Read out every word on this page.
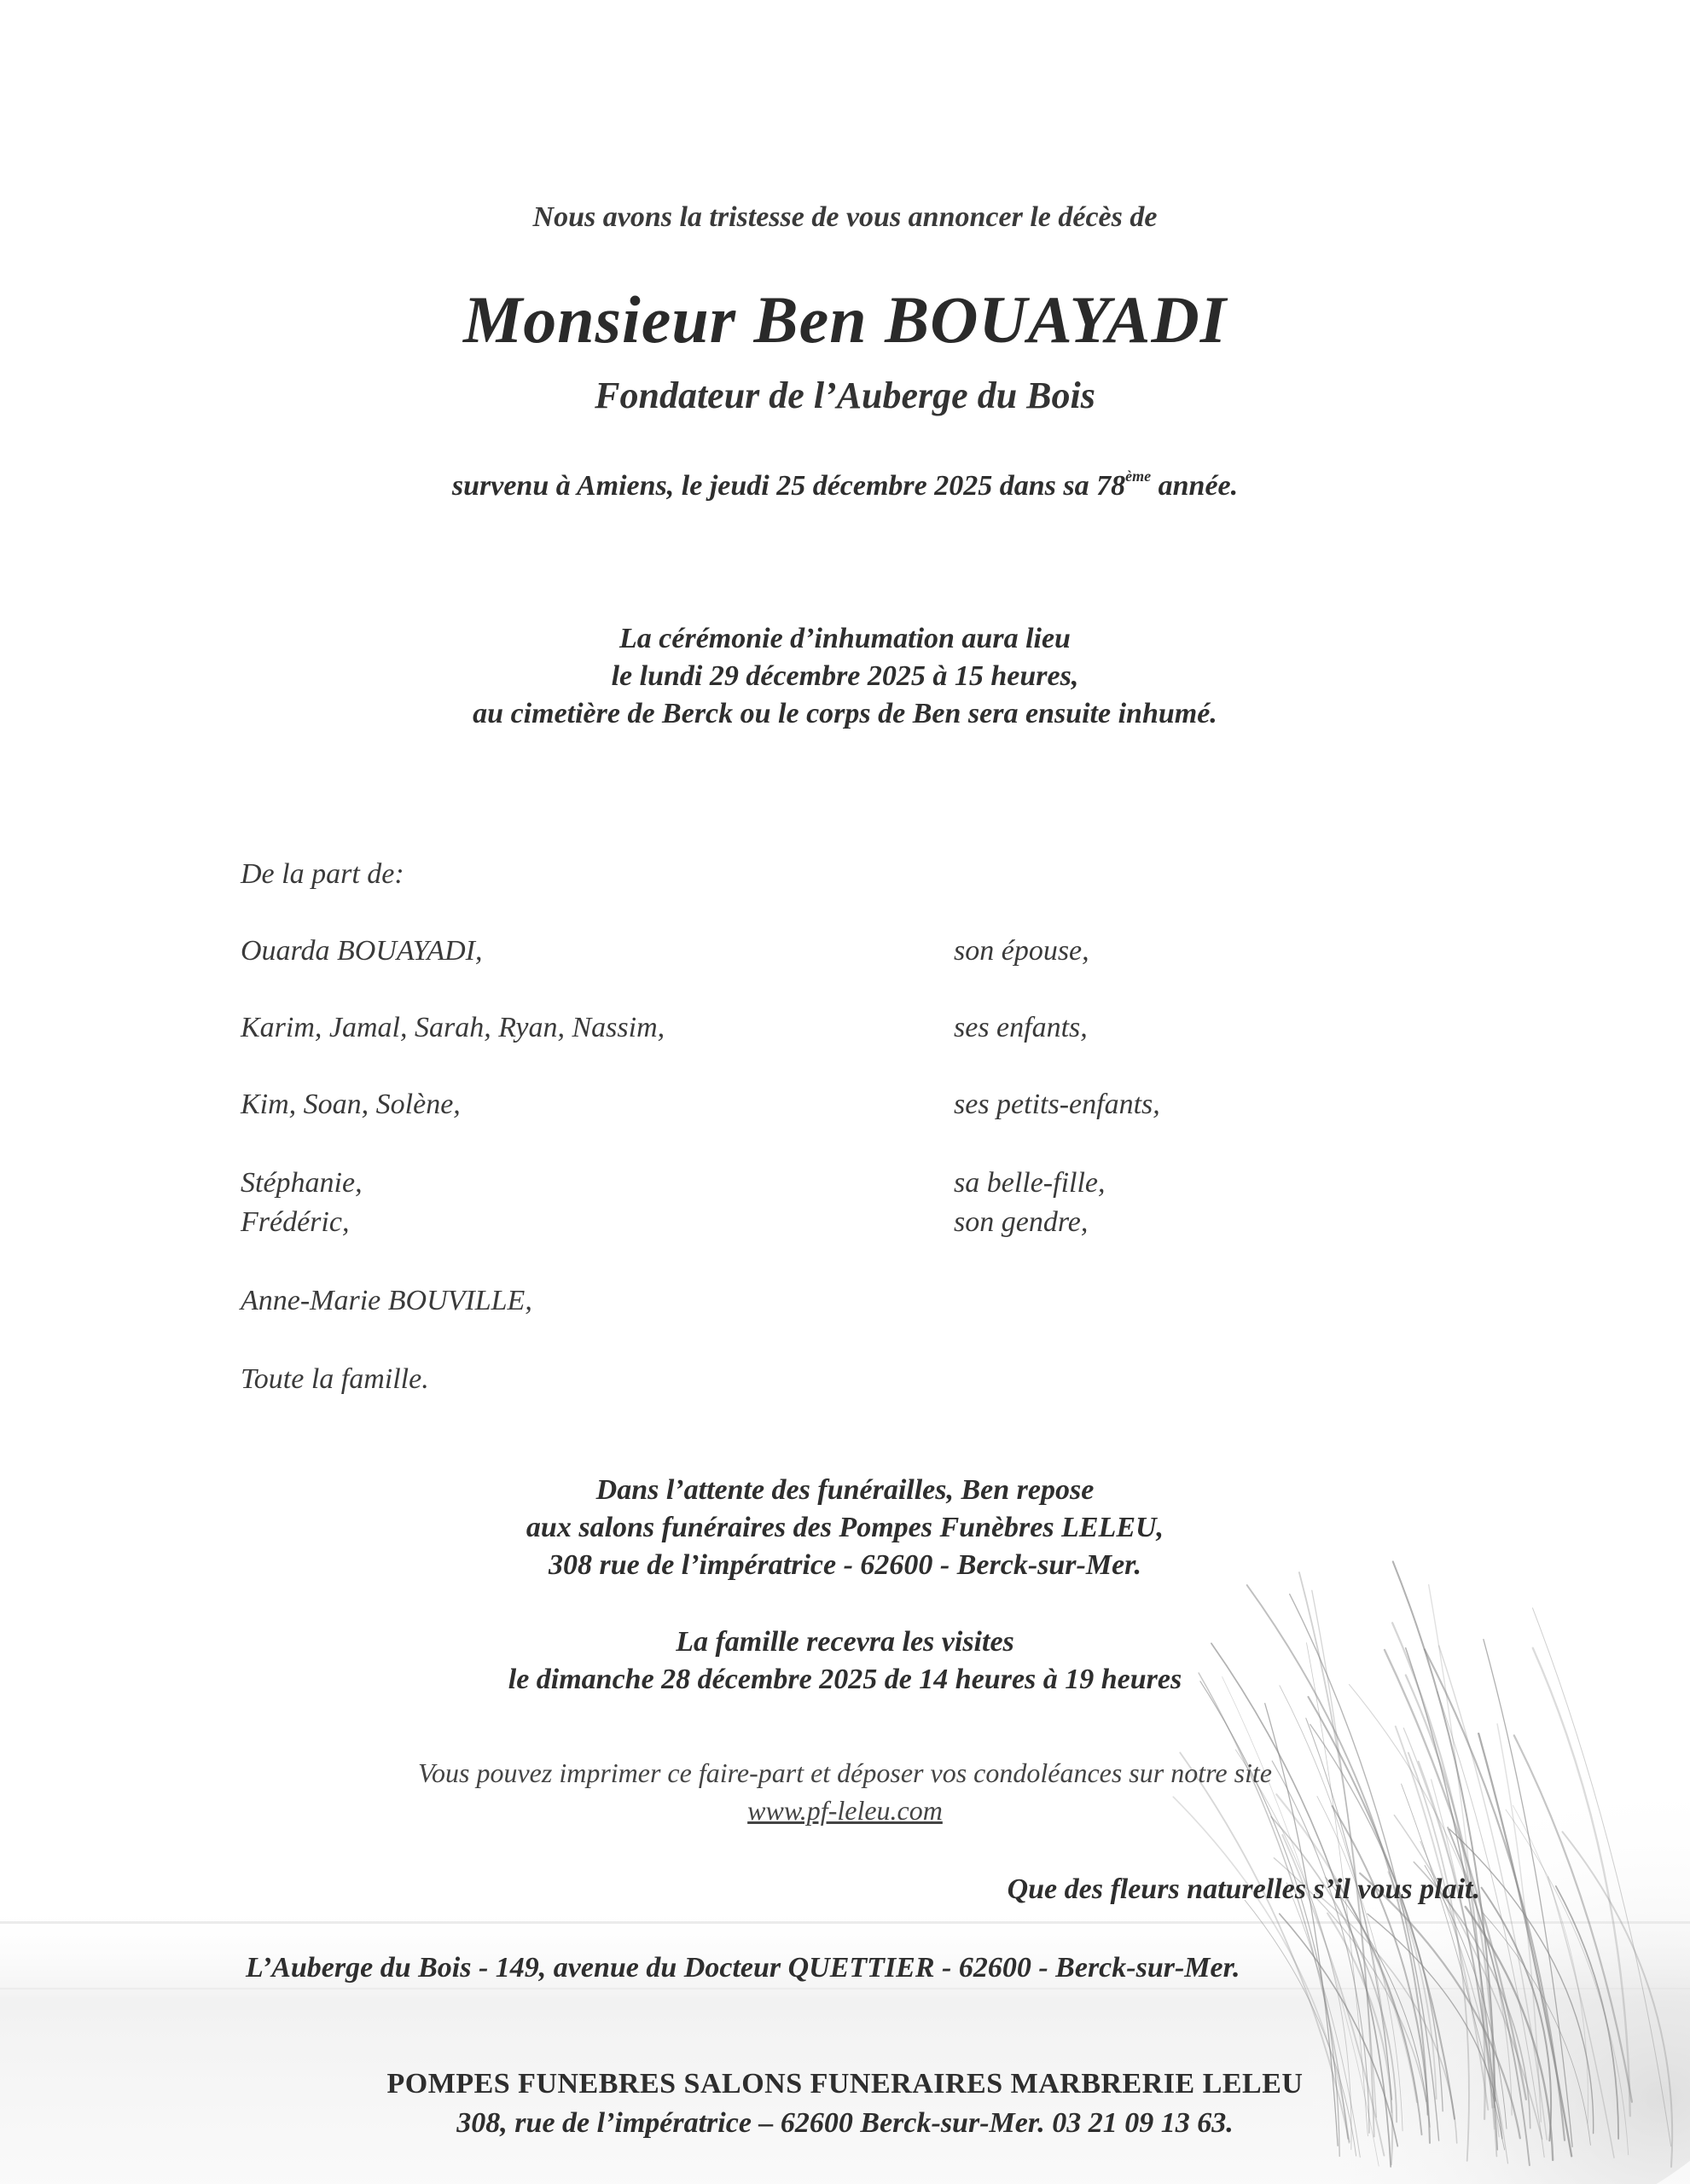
Nous avons la tristesse de vous annoncer le décès de
Monsieur Ben BOUAYADI
Fondateur de l’Auberge du Bois
survenu à Amiens, le jeudi 25 décembre 2025 dans sa 78ème année.
La cérémonie d’inhumation aura lieu
le lundi 29 décembre 2025 à 15 heures,
au cimetière de Berck ou le corps de Ben sera ensuite inhumé.
De la part de:
Ouarda BOUAYADI,	son épouse,
Karim, Jamal, Sarah, Ryan, Nassim,	ses enfants,
Kim, Soan, Solène,	ses petits-enfants,
Stéphanie,	sa belle-fille,
Frédéric,	son gendre,
Anne-Marie BOUVILLE,
Toute la famille.
Dans l’attente des funérailles, Ben repose
aux salons funéraires des Pompes Funèbres LELEU,
308 rue de l’impératrice - 62600 - Berck-sur-Mer.
La famille recevra les visites
le dimanche 28 décembre 2025 de 14 heures à 19 heures
Vous pouvez imprimer ce faire-part et déposer vos condoléances sur notre site
www.pf-leleu.com
Que des fleurs naturelles s’il vous plait.
L’Auberge du Bois - 149, avenue du Docteur QUETTIER - 62600 - Berck-sur-Mer.
POMPES FUNEBRES SALONS FUNERAIRES MARBRERIE LELEU
308, rue de l’impératrice – 62600 Berck-sur-Mer. 03 21 09 13 63.
